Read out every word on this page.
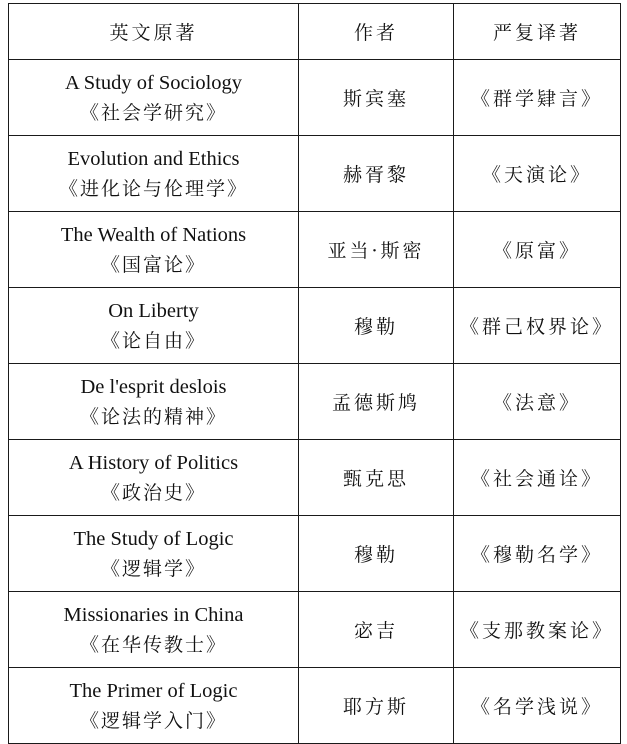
英文原著	作者	严复译著

A Study of Sociology
《社会学研究》	斯宾塞	《群学肄言》

Evolution and Ethics
《进化论与伦理学》	赫胥黎	《天演论》

The Wealth of Nations
《国富论》	亚当·斯密	《原富》

On Liberty
《论自由》	穆勒	《群己权界论》

De l'esprit deslois
《论法的精神》	孟德斯鸠	《法意》

A History of Politics
《政治史》	甄克思	《社会通诠》

The Study of Logic
《逻辑学》	穆勒	《穆勒名学》

Missionaries in China
《在华传教士》	宓吉	《支那教案论》

The Primer of Logic
《逻辑学入门》	耶方斯	《名学浅说》
